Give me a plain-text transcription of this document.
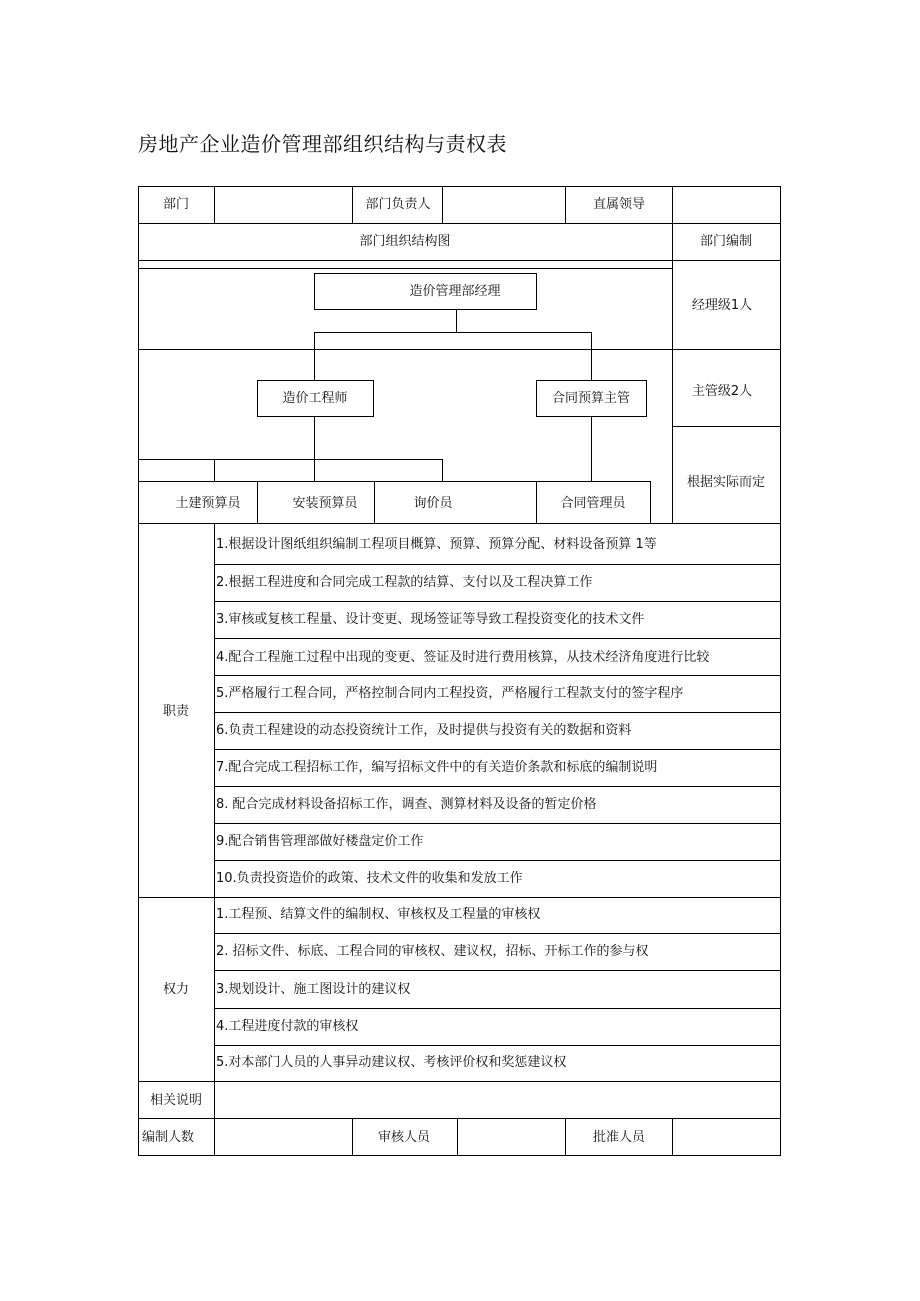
房地产企业造价管理部组织结构与责权表
部门	部门负责人	直属领导
部门组织结构图	部门编制
造价管理部经理
造价工程师	合同预算主管
土建预算员	安装预算员	询价员	合同管理员
经理级1人
主管级2人
根据实际而定
职责
1.根据设计图纸组织编制工程项目概算、预算、预算分配、材料设备预算 1等
2.根据工程进度和合同完成工程款的结算、支付以及工程决算工作
3.审核或复核工程量、设计变更、现场签证等导致工程投资变化的技术文件
4.配合工程施工过程中出现的变更、签证及时进行费用核算，从技术经济角度进行比较
5.严格履行工程合同，严格控制合同内工程投资，严格履行工程款支付的签字程序
6.负责工程建设的动态投资统计工作，及时提供与投资有关的数据和资料
7.配合完成工程招标工作，编写招标文件中的有关造价条款和标底的编制说明
8. 配合完成材料设备招标工作，调查、测算材料及设备的暂定价格
9.配合销售管理部做好楼盘定价工作
10.负责投资造价的政策、技术文件的收集和发放工作
权力
1.工程预、结算文件的编制权、审核权及工程量的审核权
2. 招标文件、标底、工程合同的审核权、建议权，招标、开标工作的参与权
3.规划设计、施工图设计的建议权
4.工程进度付款的审核权
5.对本部门人员的人事异动建议权、考核评价权和奖惩建议权
相关说明
编制人数	审核人员	批准人员
